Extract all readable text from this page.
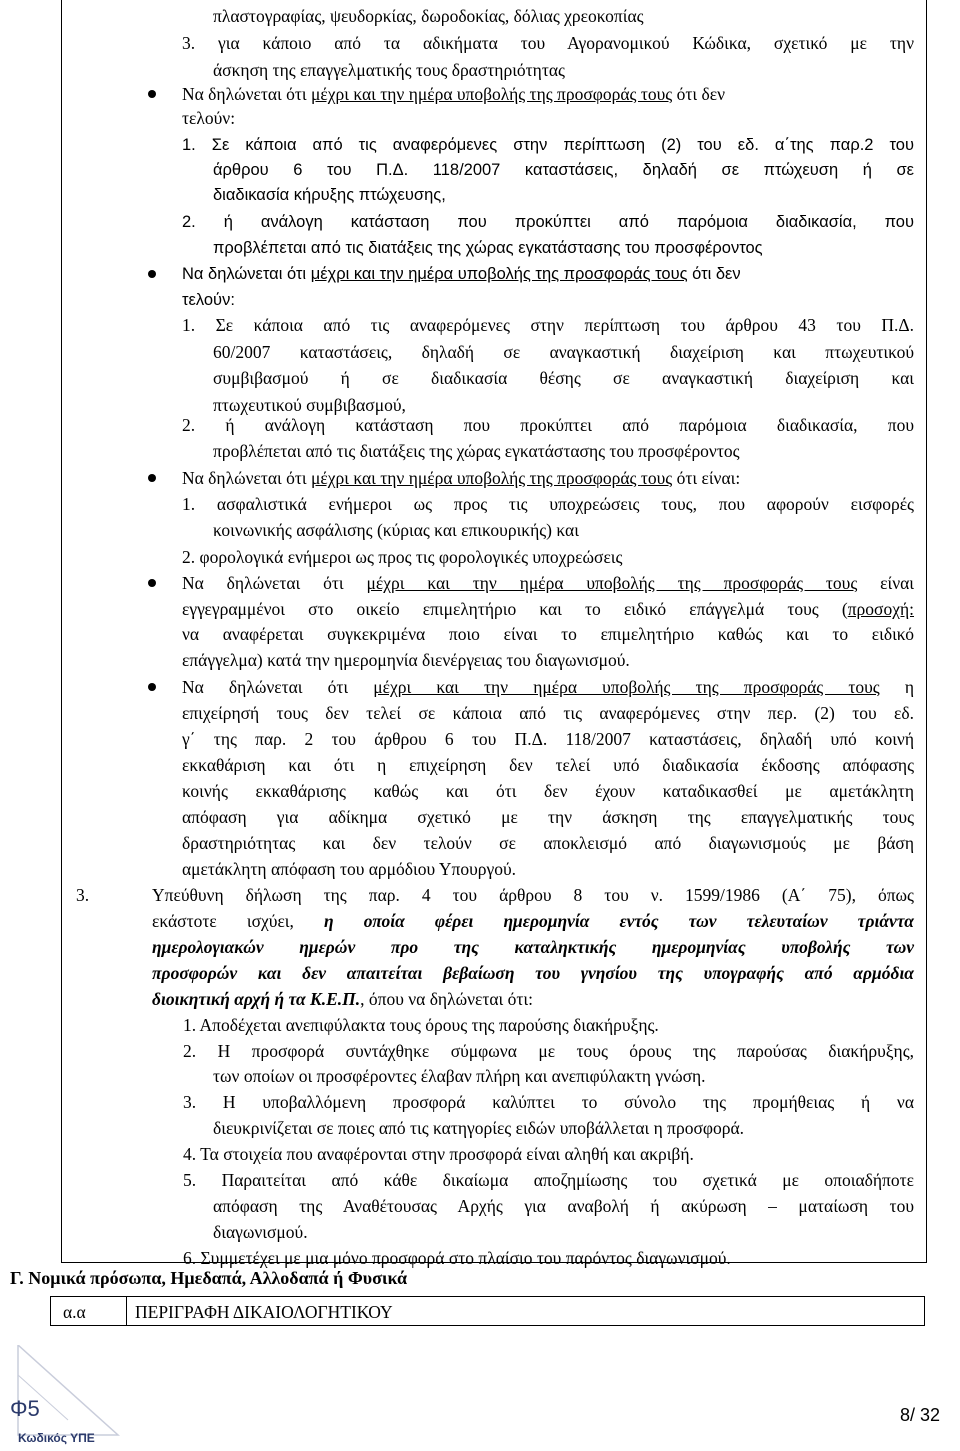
πλαστογραφίας, ψευδορκίας, δωροδοκίας, δόλιας χρεοκοπίας
3. για κάποιο από τα αδικήματα του Αγορανομικού Κώδικα, σχετικό με την
άσκηση της επαγγελματικής τους δραστηριότητας
Να δηλώνεται ότι μέχρι και την ημέρα υποβολής της προσφοράς τους ότι δεν
τελούν:
1. Σε κάποια από τις αναφερόμενες στην περίπτωση (2) του εδ. α΄της παρ.2 του
άρθρου 6 του Π.Δ. 118/2007 καταστάσεις, δηλαδή σε πτώχευση ή σε
διαδικασία κήρυξης πτώχευσης,
2. ή ανάλογη κατάσταση που προκύπτει από παρόμοια διαδικασία, που
προβλέπεται από τις διατάξεις της χώρας εγκατάστασης του προσφέροντος
Να δηλώνεται ότι μέχρι και την ημέρα υποβολής της προσφοράς τους ότι δεν
τελούν:
1. Σε κάποια από τις αναφερόμενες στην περίπτωση του άρθρου 43 του Π.Δ.
60/2007 καταστάσεις, δηλαδή σε αναγκαστική διαχείριση και πτωχευτικού
συμβιβασμού ή σε διαδικασία θέσης σε αναγκαστική διαχείριση και
πτωχευτικού συμβιβασμού,
2. ή ανάλογη κατάσταση που προκύπτει από παρόμοια διαδικασία, που
προβλέπεται από τις διατάξεις της χώρας εγκατάστασης του προσφέροντος
Να δηλώνεται ότι μέχρι και την ημέρα υποβολής της προσφοράς τους ότι είναι:
1. ασφαλιστικά ενήμεροι ως προς τις υποχρεώσεις τους, που αφορούν εισφορές
κοινωνικής ασφάλισης (κύριας και επικουρικής) και
2. φορολογικά ενήμεροι ως προς τις φορολογικές υποχρεώσεις
Να δηλώνεται ότι μέχρι και την ημέρα υποβολής της προσφοράς τους είναι
εγγεγραμμένοι στο οικείο επιμελητήριο και το ειδικό επάγγελμά τους (προσοχή:
να αναφέρεται συγκεκριμένα ποιο είναι το επιμελητήριο καθώς και το ειδικό
επάγγελμα) κατά την ημερομηνία διενέργειας του διαγωνισμού.
Να δηλώνεται ότι μέχρι και την ημέρα υποβολής της προσφοράς τους η
επιχείρησή τους δεν τελεί σε κάποια από τις αναφερόμενες στην περ. (2) του εδ.
γ΄ της παρ. 2 του άρθρου 6 του Π.Δ. 118/2007 καταστάσεις, δηλαδή υπό κοινή
εκκαθάριση και ότι η επιχείρηση δεν τελεί υπό διαδικασία έκδοσης απόφασης
κοινής εκκαθάρισης καθώς και ότι δεν έχουν καταδικασθεί με αμετάκλητη
απόφαση για αδίκημα σχετικό με την άσκηση της επαγγελματικής τους
δραστηριότητας και δεν τελούν σε αποκλεισμό από διαγωνισμούς με βάση
αμετάκλητη απόφαση του αρμόδιου Υπουργού.
3.	Υπεύθυνη δήλωση της παρ. 4 του άρθρου 8 του ν. 1599/1986 (Α΄ 75), όπως
εκάστοτε ισχύει, η οποία φέρει ημερομηνία εντός των τελευταίων τριάντα
ημερολογιακών ημερών προ της καταληκτικής ημερομηνίας υποβολής των
προσφορών και δεν απαιτείται βεβαίωση του γνησίου της υπογραφής από αρμόδια
διοικητική αρχή ή τα Κ.Ε.Π., όπου να δηλώνεται ότι:
1. Αποδέχεται ανεπιφύλακτα τους όρους της παρούσης διακήρυξης.
2. Η προσφορά συντάχθηκε σύμφωνα με τους όρους της παρούσας διακήρυξης,
των οποίων οι προσφέροντες έλαβαν πλήρη και ανεπιφύλακτη γνώση.
3. Η υποβαλλόμενη προσφορά καλύπτει το σύνολο της προμήθειας ή να
διευκρινίζεται σε ποιες από τις κατηγορίες ειδών υποβάλλεται η προσφορά.
4. Τα στοιχεία που αναφέρονται στην προσφορά είναι αληθή και ακριβή.
5. Παραιτείται από κάθε δικαίωμα αποζημίωσης του σχετικά με οποιαδήποτε
απόφαση της Αναθέτουσας Αρχής για αναβολή ή ακύρωση – ματαίωση του
διαγωνισμού.
6. Συμμετέχει με μια μόνο προσφορά στο πλαίσιο του παρόντος διαγωνισμού.
Γ. Νομικά πρόσωπα, Ημεδαπά, Αλλοδαπά ή Φυσικά
α.α	ΠΕΡΙΓΡΑΦΗ ΔΙΚΑΙΟΛΟΓΗΤΙΚΟΥ
Φ5
Κωδικός ΥΠΕ
8/ 32
